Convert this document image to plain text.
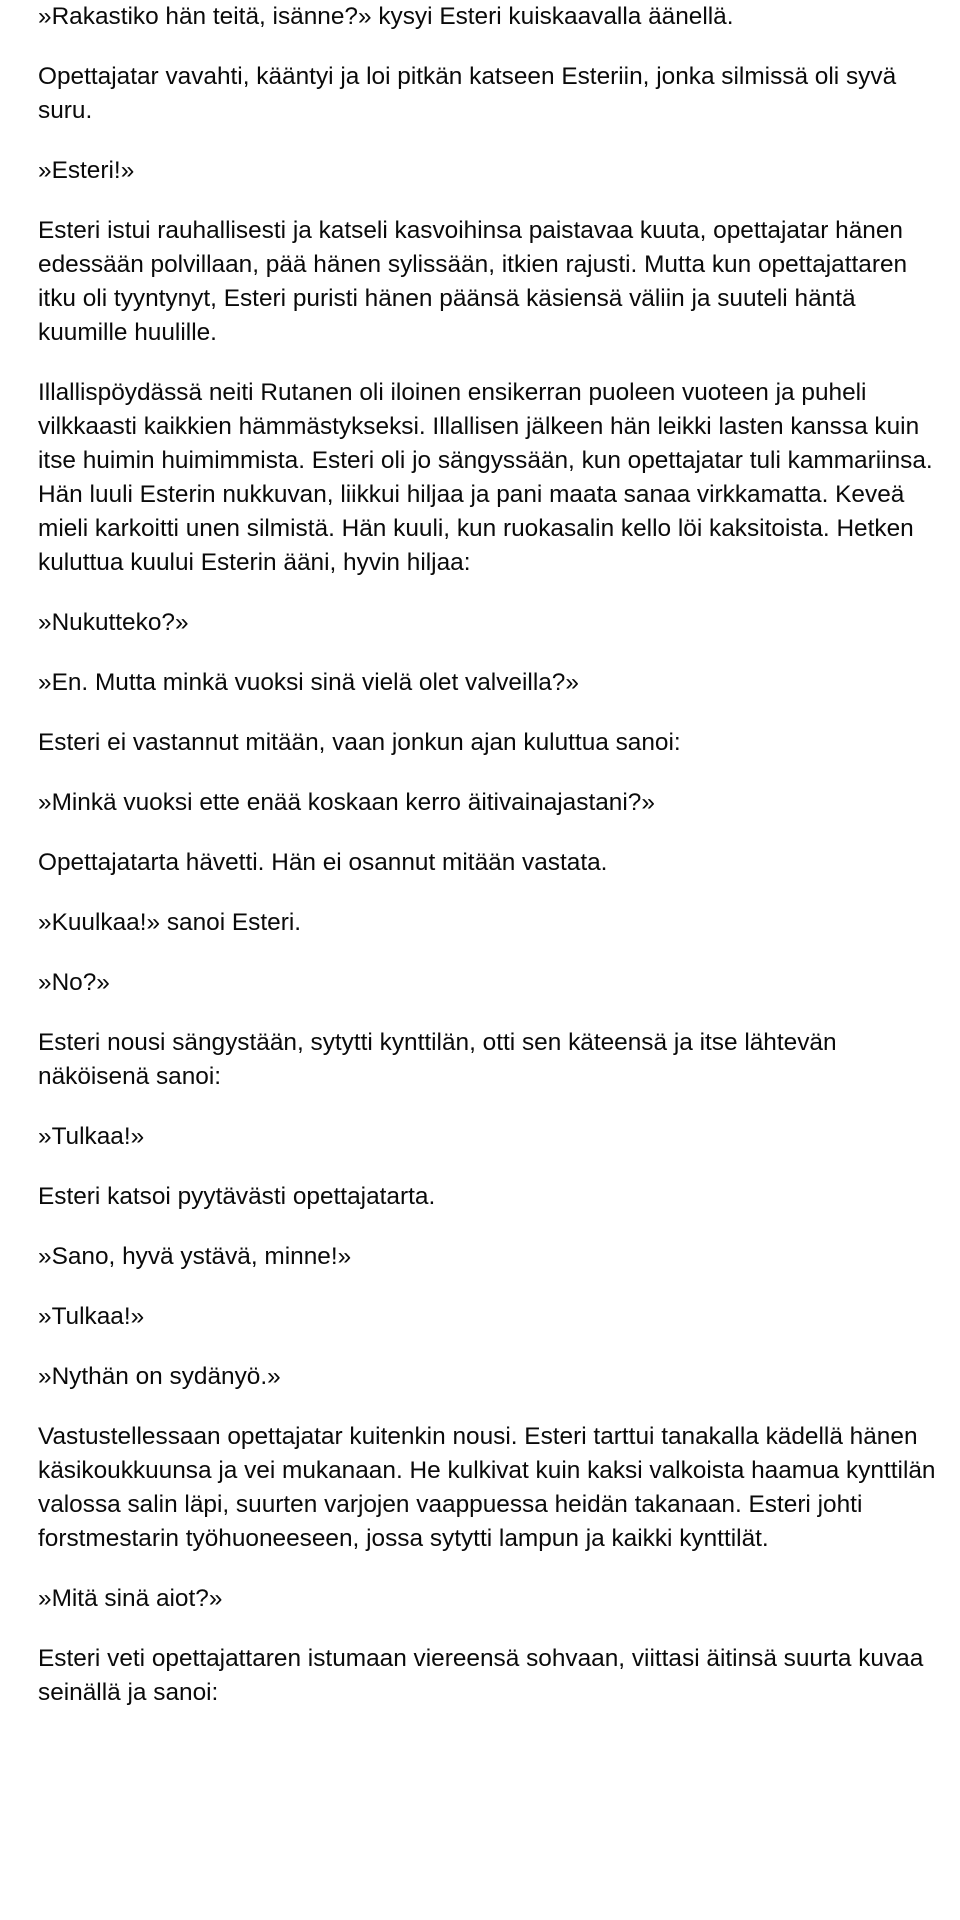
»Rakastiko hän teitä, isänne?» kysyi Esteri kuiskaavalla äänellä.

Opettajatar vavahti, kääntyi ja loi pitkän katseen Esteriin, jonka silmissä oli syvä suru.

»Esteri!»

Esteri istui rauhallisesti ja katseli kasvoihinsa paistavaa kuuta, opettajatar hänen edessään polvillaan, pää hänen sylissään, itkien rajusti. Mutta kun opettajattaren itku oli tyyntynyt, Esteri puristi hänen päänsä käsiensä väliin ja suuteli häntä kuumille huulille.

Illallispöydässä neiti Rutanen oli iloinen ensikerran puoleen vuoteen ja puheli vilkkaasti kaikkien hämmästykseksi. Illallisen jälkeen hän leikki lasten kanssa kuin itse huimin huimimmista. Esteri oli jo sängyssään, kun opettajatar tuli kammariinsa. Hän luuli Esterin nukkuvan, liikkui hiljaa ja pani maata sanaa virkkamatta. Keveä mieli karkoitti unen silmistä. Hän kuuli, kun ruokasalin kello löi kaksitoista. Hetken kuluttua kuului Esterin ääni, hyvin hiljaa:

»Nukutteko?»

»En. Mutta minkä vuoksi sinä vielä olet valveilla?»

Esteri ei vastannut mitään, vaan jonkun ajan kuluttua sanoi:

»Minkä vuoksi ette enää koskaan kerro äitivainajastani?»

Opettajatarta hävetti. Hän ei osannut mitään vastata.

»Kuulkaa!» sanoi Esteri.

»No?»

Esteri nousi sängystään, sytytti kynttilän, otti sen käteensä ja itse lähtevän näköisenä sanoi:

»Tulkaa!»

Esteri katsoi pyytävästi opettajatarta.

»Sano, hyvä ystävä, minne!»

»Tulkaa!»

»Nythän on sydänyö.»

Vastustellessaan opettajatar kuitenkin nousi. Esteri tarttui tanakalla kädellä hänen käsikoukkuunsa ja vei mukanaan. He kulkivat kuin kaksi valkoista haamua kynttilän valossa salin läpi, suurten varjojen vaappuessa heidän takanaan. Esteri johti forstmestarin työhuoneeseen, jossa sytytti lampun ja kaikki kynttilät.

»Mitä sinä aiot?»

Esteri veti opettajattaren istumaan viereensä sohvaan, viittasi äitinsä suurta kuvaa seinällä ja sanoi:
